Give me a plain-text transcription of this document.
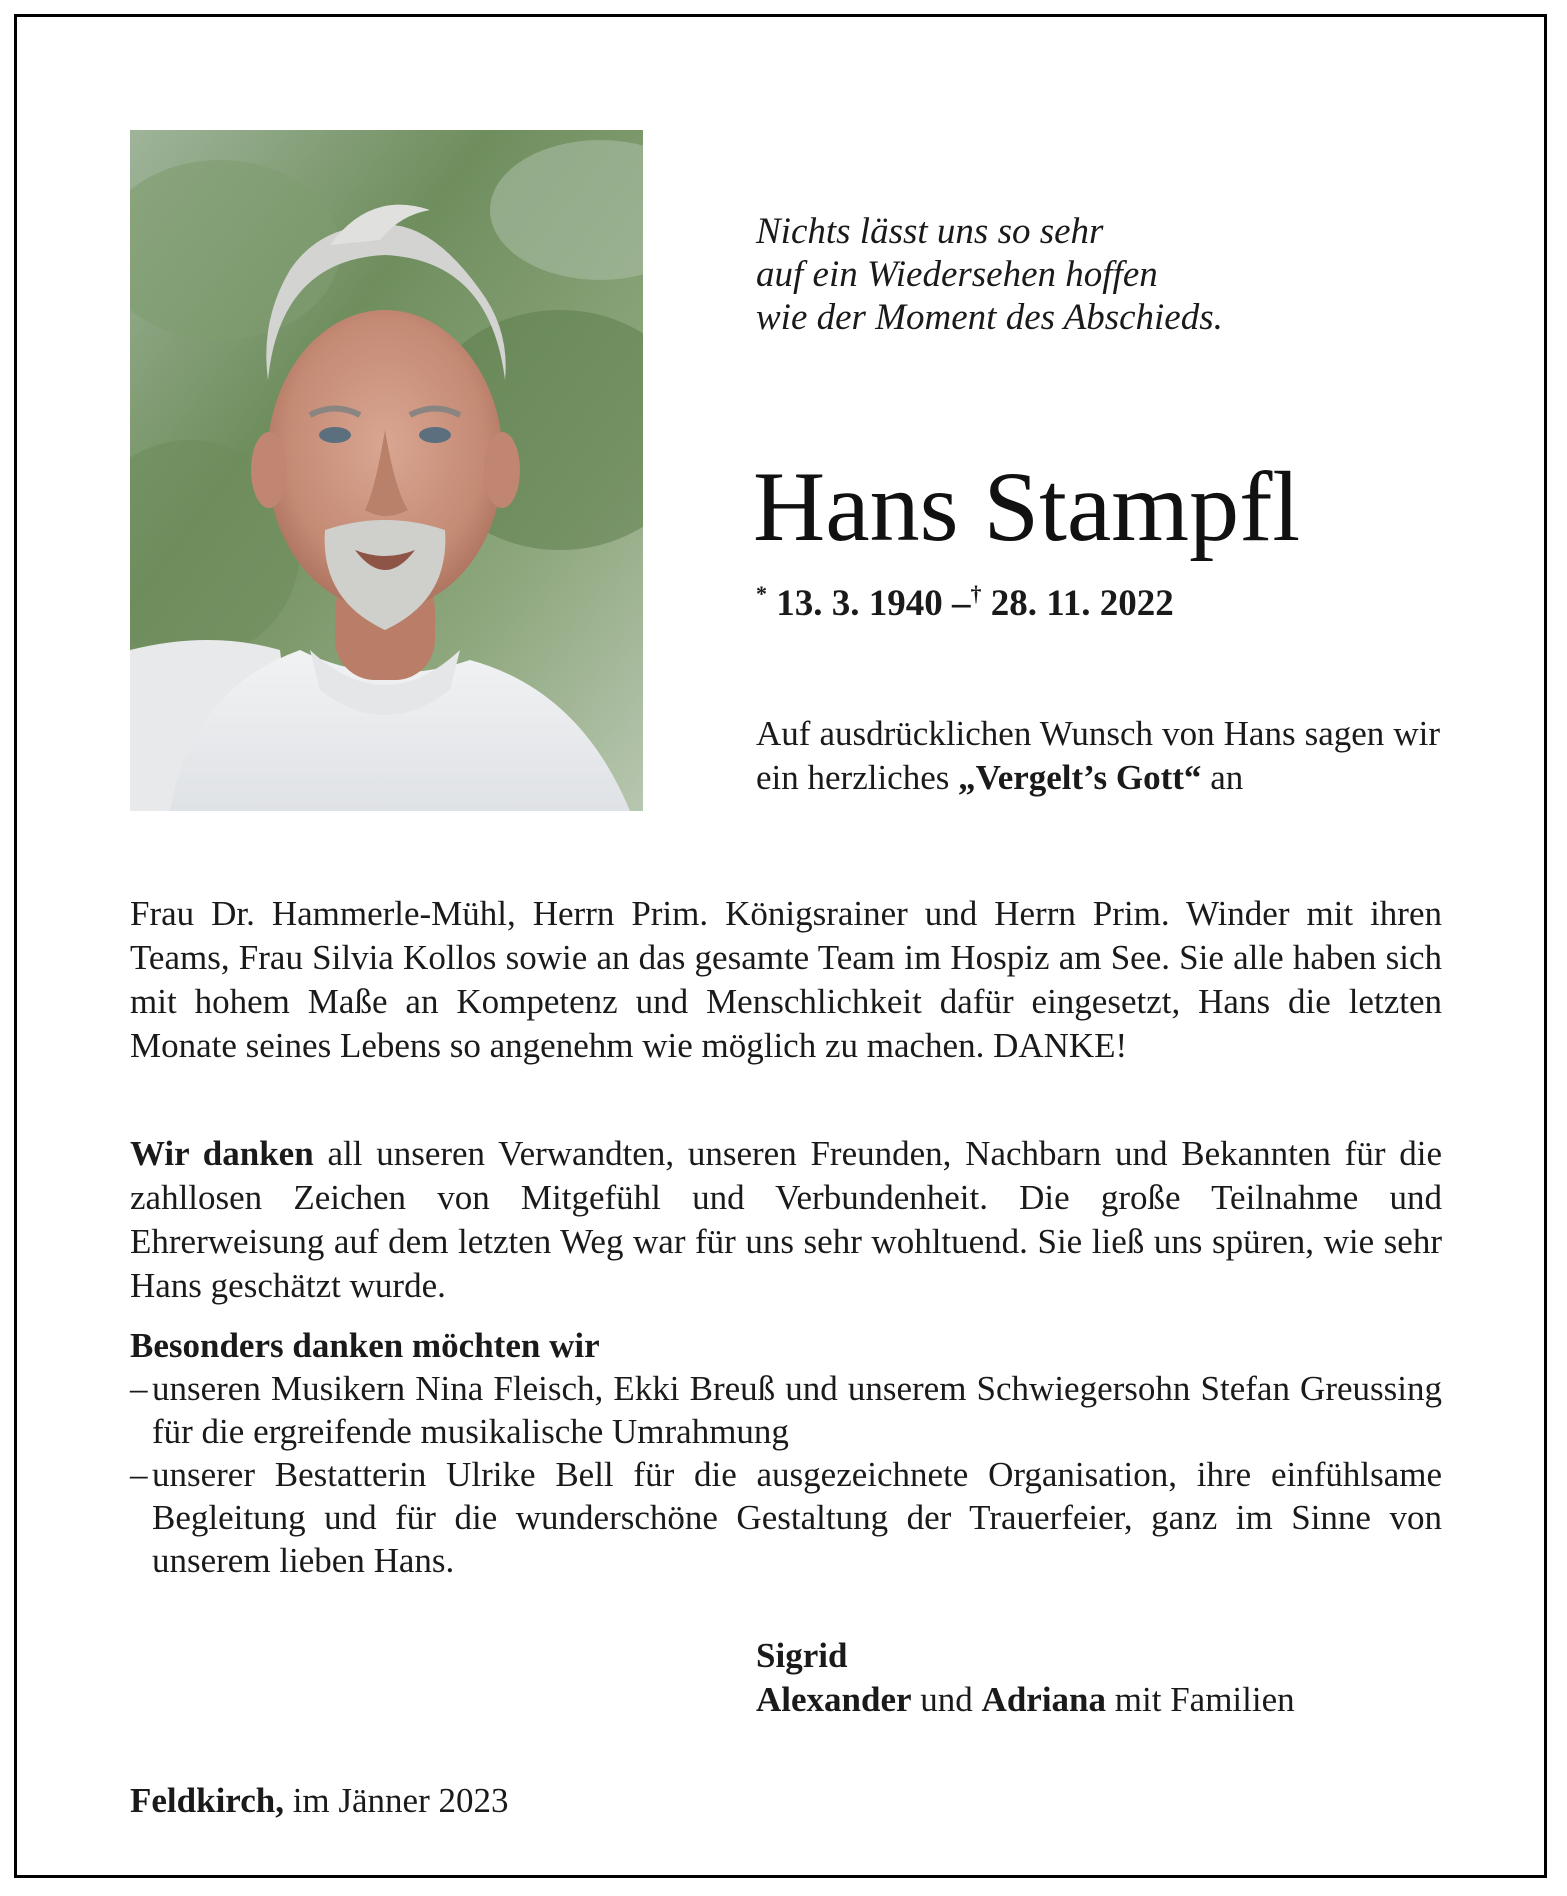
Nichts lässt uns so sehr
auf ein Wiedersehen hoffen
wie der Moment des Abschieds.
Hans Stampfl
* 13. 3. 1940 –† 28. 11. 2022
Auf ausdrücklichen Wunsch von Hans sagen wir ein herzliches „Vergelt’s Gott“ an
Frau Dr. Hammerle-Mühl, Herrn Prim. Königsrainer und Herrn Prim. Winder mit ihren Teams, Frau Silvia Kollos sowie an das gesamte Team im Hospiz am See. Sie alle haben sich mit hohem Maße an Kompetenz und Menschlichkeit dafür eingesetzt, Hans die letzten Monate seines Lebens so angenehm wie möglich zu machen. DANKE!
Wir danken all unseren Verwandten, unseren Freunden, Nachbarn und Bekannten für die zahllosen Zeichen von Mitgefühl und Verbundenheit. Die große Teilnahme und Ehrerweisung auf dem letzten Weg war für uns sehr wohltuend. Sie ließ uns spüren, wie sehr Hans geschätzt wurde.
Besonders danken möchten wir
– unseren Musikern Nina Fleisch, Ekki Breuß und unserem Schwiegersohn Stefan Greussing für die ergreifende musikalische Umrahmung
– unserer Bestatterin Ulrike Bell für die ausgezeichnete Organisation, ihre einfühlsame Begleitung und für die wunderschöne Gestaltung der Trauerfeier, ganz im Sinne von unserem lieben Hans.
Sigrid
Alexander und Adriana mit Familien
Feldkirch, im Jänner 2023
